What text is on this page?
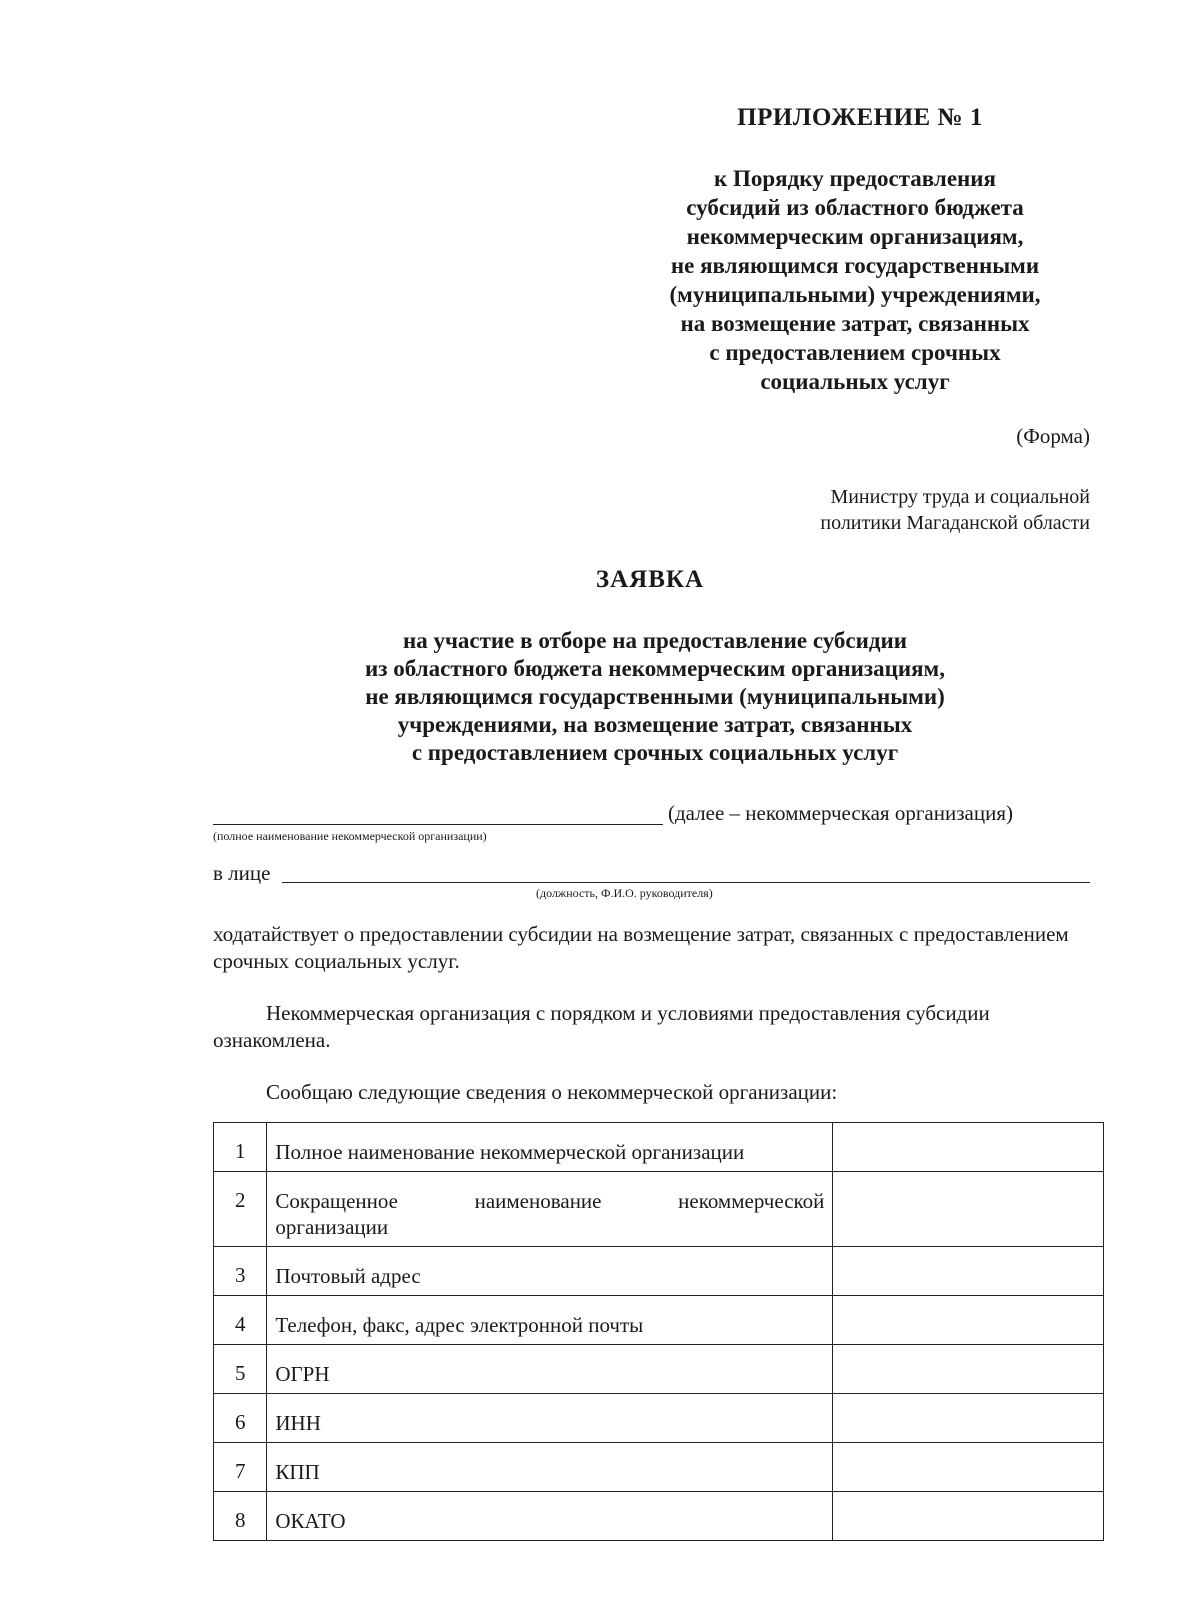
ПРИЛОЖЕНИЕ № 1
к Порядку предоставления
субсидий из областного бюджета
некоммерческим организациям,
не являющимся государственными
(муниципальными) учреждениями,
на возмещение затрат, связанных
с предоставлением срочных
социальных услуг
(Форма)
Министру труда и социальной
политики Магаданской области
ЗАЯВКА
на участие в отборе на предоставление субсидии
из областного бюджета некоммерческим организациям,
не являющимся государственными (муниципальными)
учреждениями, на возмещение затрат, связанных
с предоставлением срочных социальных услуг
(далее – некоммерческая организация)
(полное наименование некоммерческой организации)
в лице
(должность, Ф.И.О. руководителя)
ходатайствует о предоставлении субсидии на возмещение затрат, связанных с предоставлением срочных социальных услуг.
Некоммерческая организация с порядком и условиями предоставления субсидии ознакомлена.
Сообщаю следующие сведения о некоммерческой организации:
1	Полное наименование некоммерческой организации	
2	Сокращенное наименование некоммерческой
организации	

3	Почтовый адрес	
4	Телефон, факс, адрес электронной почты	
5	ОГРН	
6	ИНН	
7	КПП	
8	ОКАТО	
